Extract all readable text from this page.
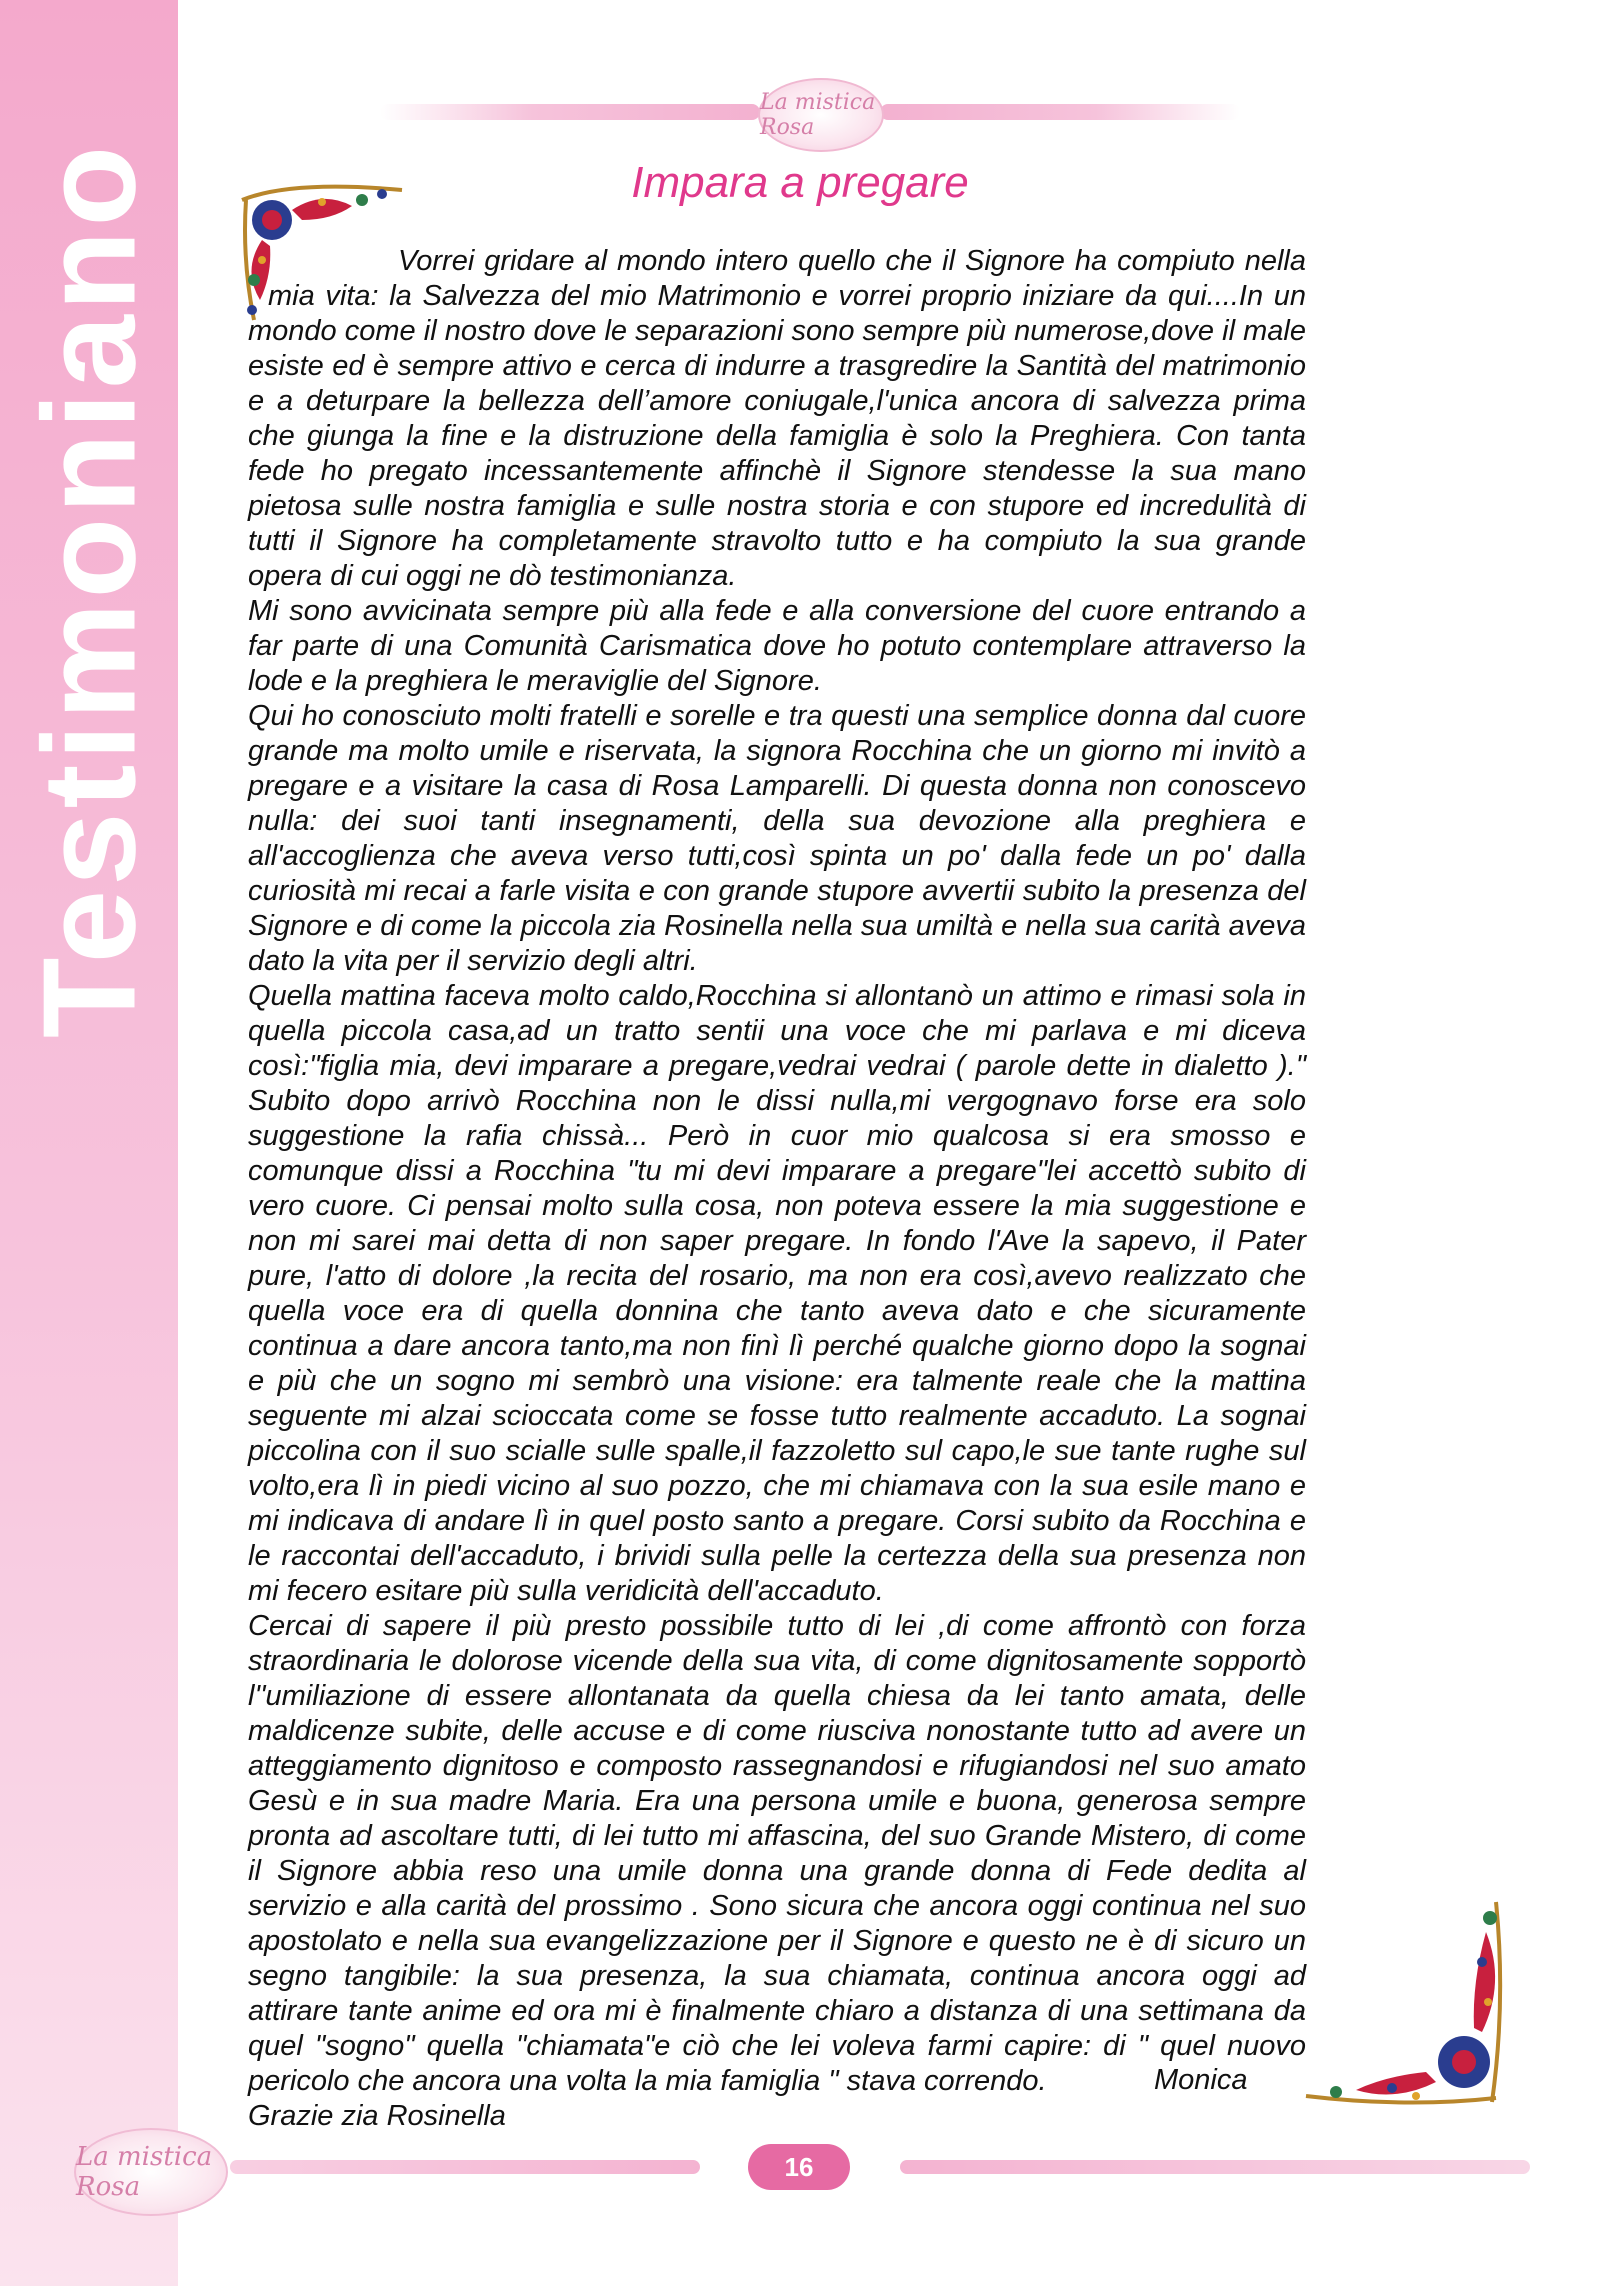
Testimoniano
La mistica Rosa
Impara a pregare

Vorrei gridare al mondo intero quello che il Signore ha compiuto nella mia vita: la Salvezza del mio Matrimonio e vorrei proprio iniziare da qui....In un mondo come il nostro dove le separazioni sono sempre più numerose,dove il male esiste ed è sempre attivo e cerca di indurre a trasgredire la Santità del matrimonio e a deturpare la bellezza dell’amore coniugale,l'unica ancora di salvezza prima che giunga la fine e la distruzione della famiglia è solo la Preghiera. Con tanta fede ho pregato incessantemente affinchè il Signore stendesse la sua mano pietosa sulle nostra famiglia e sulle nostra storia e con stupore ed incredulità di tutti il Signore ha completamente stravolto tutto e ha compiuto la sua grande opera di cui oggi ne dò testimonianza.

Mi sono avvicinata sempre più alla fede e alla conversione del cuore entrando a far parte di una Comunità Carismatica dove ho potuto contemplare attraverso la lode e la preghiera le meraviglie del Signore.

Qui ho conosciuto molti fratelli e sorelle e tra questi una semplice donna dal cuore grande ma molto umile e riservata, la signora Rocchina che un giorno mi invitò a pregare e a visitare la casa di Rosa Lamparelli. Di questa donna non conoscevo nulla: dei suoi tanti insegnamenti, della sua devozione alla preghiera e all'accoglienza che aveva verso tutti,così spinta un po' dalla fede un po' dalla curiosità mi recai a farle visita e con grande stupore avvertii subito la presenza del Signore e di come la piccola zia Rosinella nella sua umiltà e nella sua carità aveva dato la vita per il servizio degli altri.

Quella mattina faceva molto caldo,Rocchina si allontanò un attimo e rimasi sola in quella piccola casa,ad un tratto sentii una voce che mi parlava e mi diceva così:"figlia mia, devi imparare a pregare,vedrai vedrai ( parole dette in dialetto )." Subito dopo arrivò Rocchina non le dissi nulla,mi vergognavo forse era solo suggestione la rafia chissà... Però in cuor mio qualcosa si era smosso e comunque dissi a Rocchina "tu mi devi imparare a pregare"lei accettò subito di vero cuore. Ci pensai molto sulla cosa, non poteva essere la mia suggestione e non mi sarei mai detta di non saper pregare. In fondo l'Ave la sapevo, il Pater pure, l'atto di dolore ,la recita del rosario, ma non era così,avevo realizzato che quella voce era di quella donnina che tanto aveva dato e che sicuramente continua a dare ancora tanto,ma non finì lì perché qualche giorno dopo la sognai e più che un sogno mi sembrò una visione: era talmente reale che la mattina seguente mi alzai scioccata come se fosse tutto realmente accaduto. La sognai piccolina con il suo scialle sulle spalle,il fazzoletto sul capo,le sue tante rughe sul volto,era lì in piedi vicino al suo pozzo, che mi chiamava con la sua esile mano e mi indicava di andare lì in quel posto santo a pregare. Corsi subito da Rocchina e le raccontai dell'accaduto, i brividi sulla pelle la certezza della sua presenza non mi fecero esitare più sulla veridicità dell'accaduto.

Cercai di sapere il più presto possibile tutto di lei ,di come affrontò con forza straordinaria le dolorose vicende della sua vita, di come dignitosamente sopportò l''umiliazione di essere allontanata da quella chiesa da lei tanto amata, delle maldicenze subite, delle accuse e di come riusciva nonostante tutto ad avere un atteggiamento dignitoso e composto rassegnandosi e rifugiandosi nel suo amato Gesù e in sua madre Maria. Era una persona umile e buona, generosa sempre pronta ad ascoltare tutti, di lei tutto mi affascina, del suo Grande Mistero, di come il Signore abbia reso una umile donna una grande donna di Fede dedita al servizio e alla carità del prossimo . Sono sicura che ancora oggi continua nel suo apostolato e nella sua evangelizzazione per il Signore e questo ne è di sicuro un segno tangibile: la sua presenza, la sua chiamata, continua ancora oggi ad attirare tante anime ed ora mi è finalmente chiaro a distanza di una settimana da quel "sogno" quella "chiamata"e ciò che lei voleva farmi capire: di " quel nuovo pericolo che ancora una volta la mia famiglia " stava correndo.

Grazie zia Rosinella

Monica
La mistica Rosa
16
